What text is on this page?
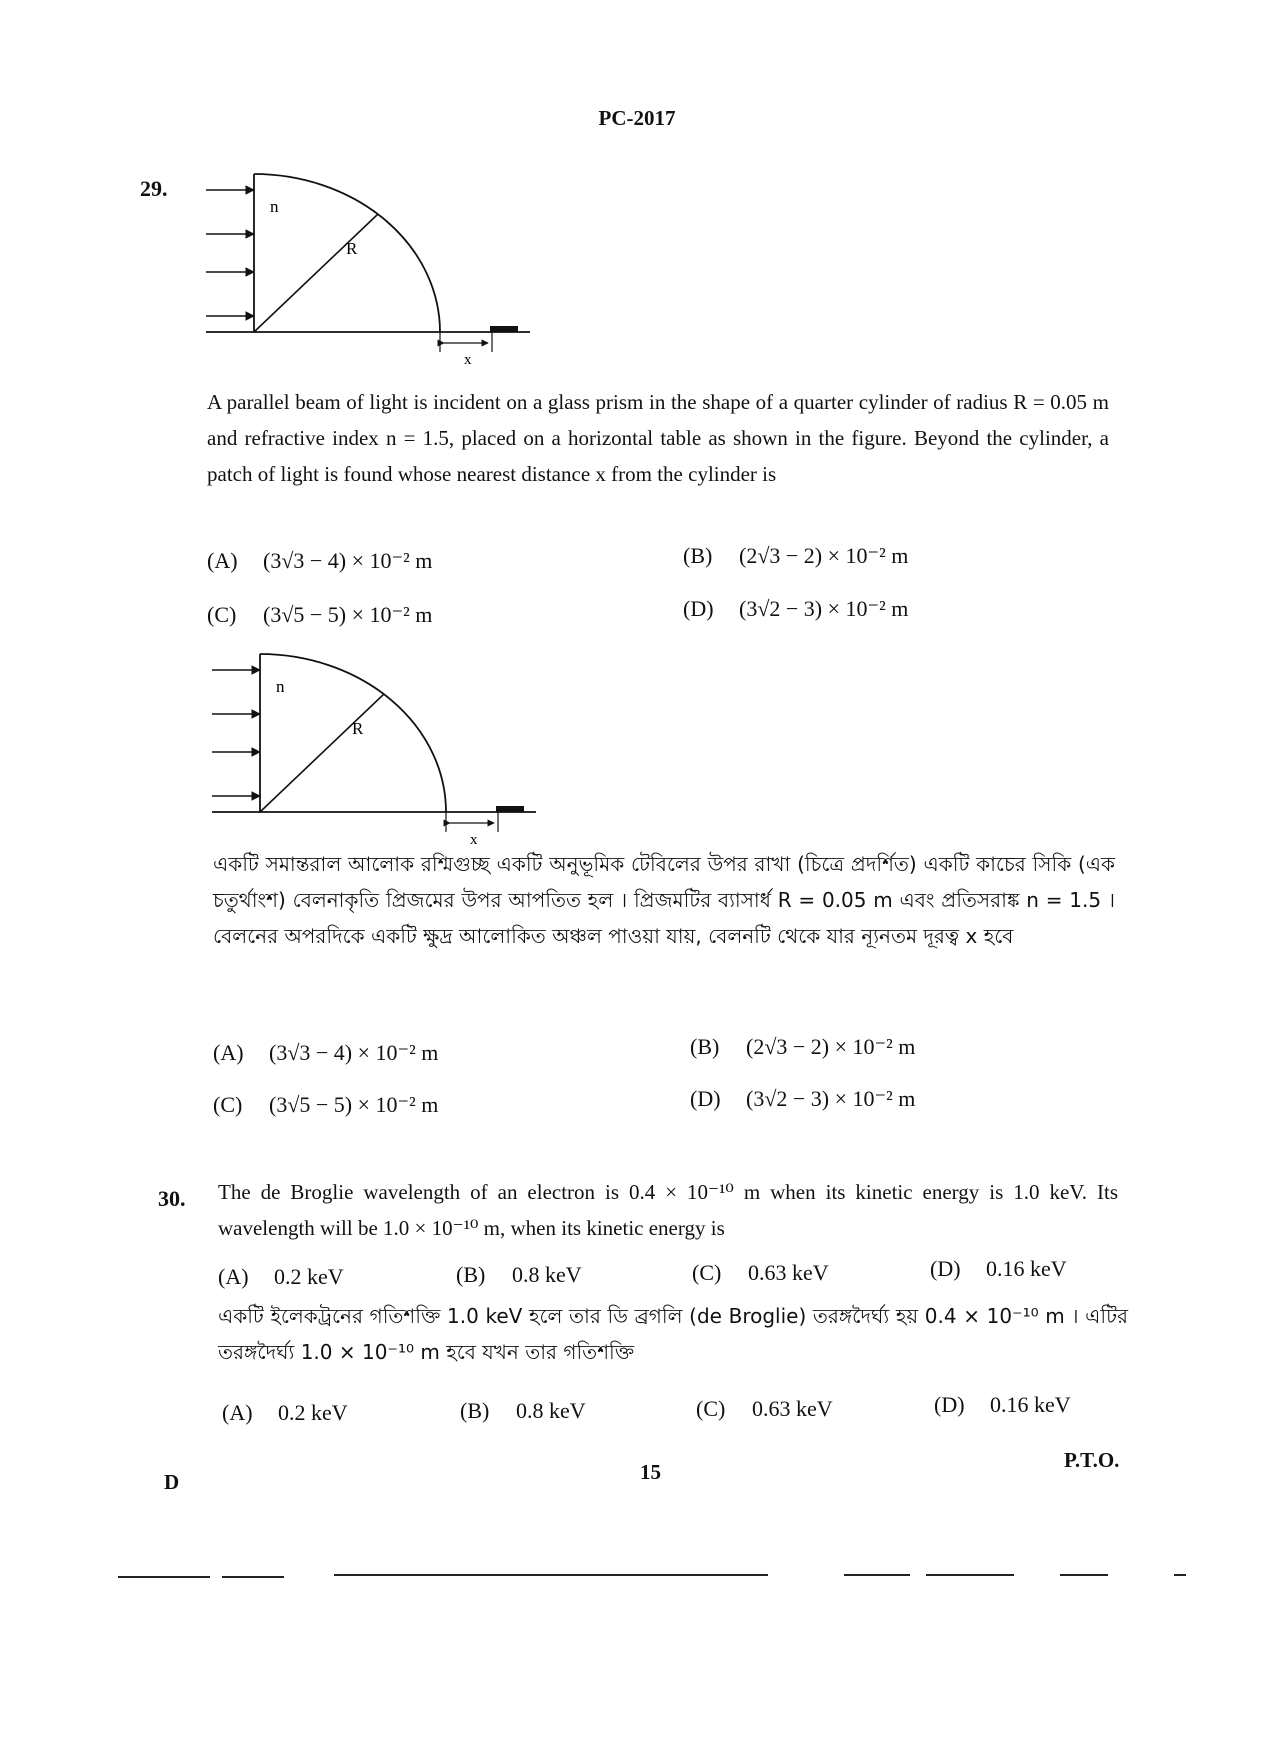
PC-2017
29.
n
R
x
A parallel beam of light is incident on a glass prism in the shape of a quarter cylinder of radius R = 0.05 m and refractive index n = 1.5, placed on a horizontal table as shown in the figure. Beyond the cylinder, a patch of light is found whose nearest distance x from the cylinder is
(A) (3√3 − 4) × 10⁻² m	(B) (2√3 − 2) × 10⁻² m
(C) (3√5 − 5) × 10⁻² m	(D) (3√2 − 3) × 10⁻² m
n
R
x
একটি সমান্তরাল আলোক রশ্মিগুচ্ছ একটি অনুভূমিক টেবিলের উপর রাখা (চিত্রে প্রদর্শিত) একটি কাচের সিকি (এক চতুর্থাংশ) বেলনাকৃতি প্রিজমের উপর আপতিত হল । প্রিজমটির ব্যাসার্ধ R = 0.05 m এবং প্রতিসরাঙ্ক n = 1.5 । বেলনের অপরদিকে একটি ক্ষুদ্র আলোকিত অঞ্চল পাওয়া যায়, বেলনটি থেকে যার ন্যূনতম দূরত্ব x হবে
(A) (3√3 − 4) × 10⁻² m	(B) (2√3 − 2) × 10⁻² m
(C) (3√5 − 5) × 10⁻² m	(D) (3√2 − 3) × 10⁻² m
30. The de Broglie wavelength of an electron is 0.4 × 10⁻¹⁰ m when its kinetic energy is 1.0 keV. Its wavelength will be 1.0 × 10⁻¹⁰ m, when its kinetic energy is
(A) 0.2 keV	(B) 0.8 keV	(C) 0.63 keV	(D) 0.16 keV
একটি ইলেকট্রনের গতিশক্তি 1.0 keV হলে তার ডি ব্রগলি (de Broglie) তরঙ্গদৈর্ঘ্য হয় 0.4 × 10⁻¹⁰ m । এটির তরঙ্গদৈর্ঘ্য 1.0 × 10⁻¹⁰ m হবে যখন তার গতিশক্তি
(A) 0.2 keV	(B) 0.8 keV	(C) 0.63 keV	(D) 0.16 keV
D	15	P.T.O.
